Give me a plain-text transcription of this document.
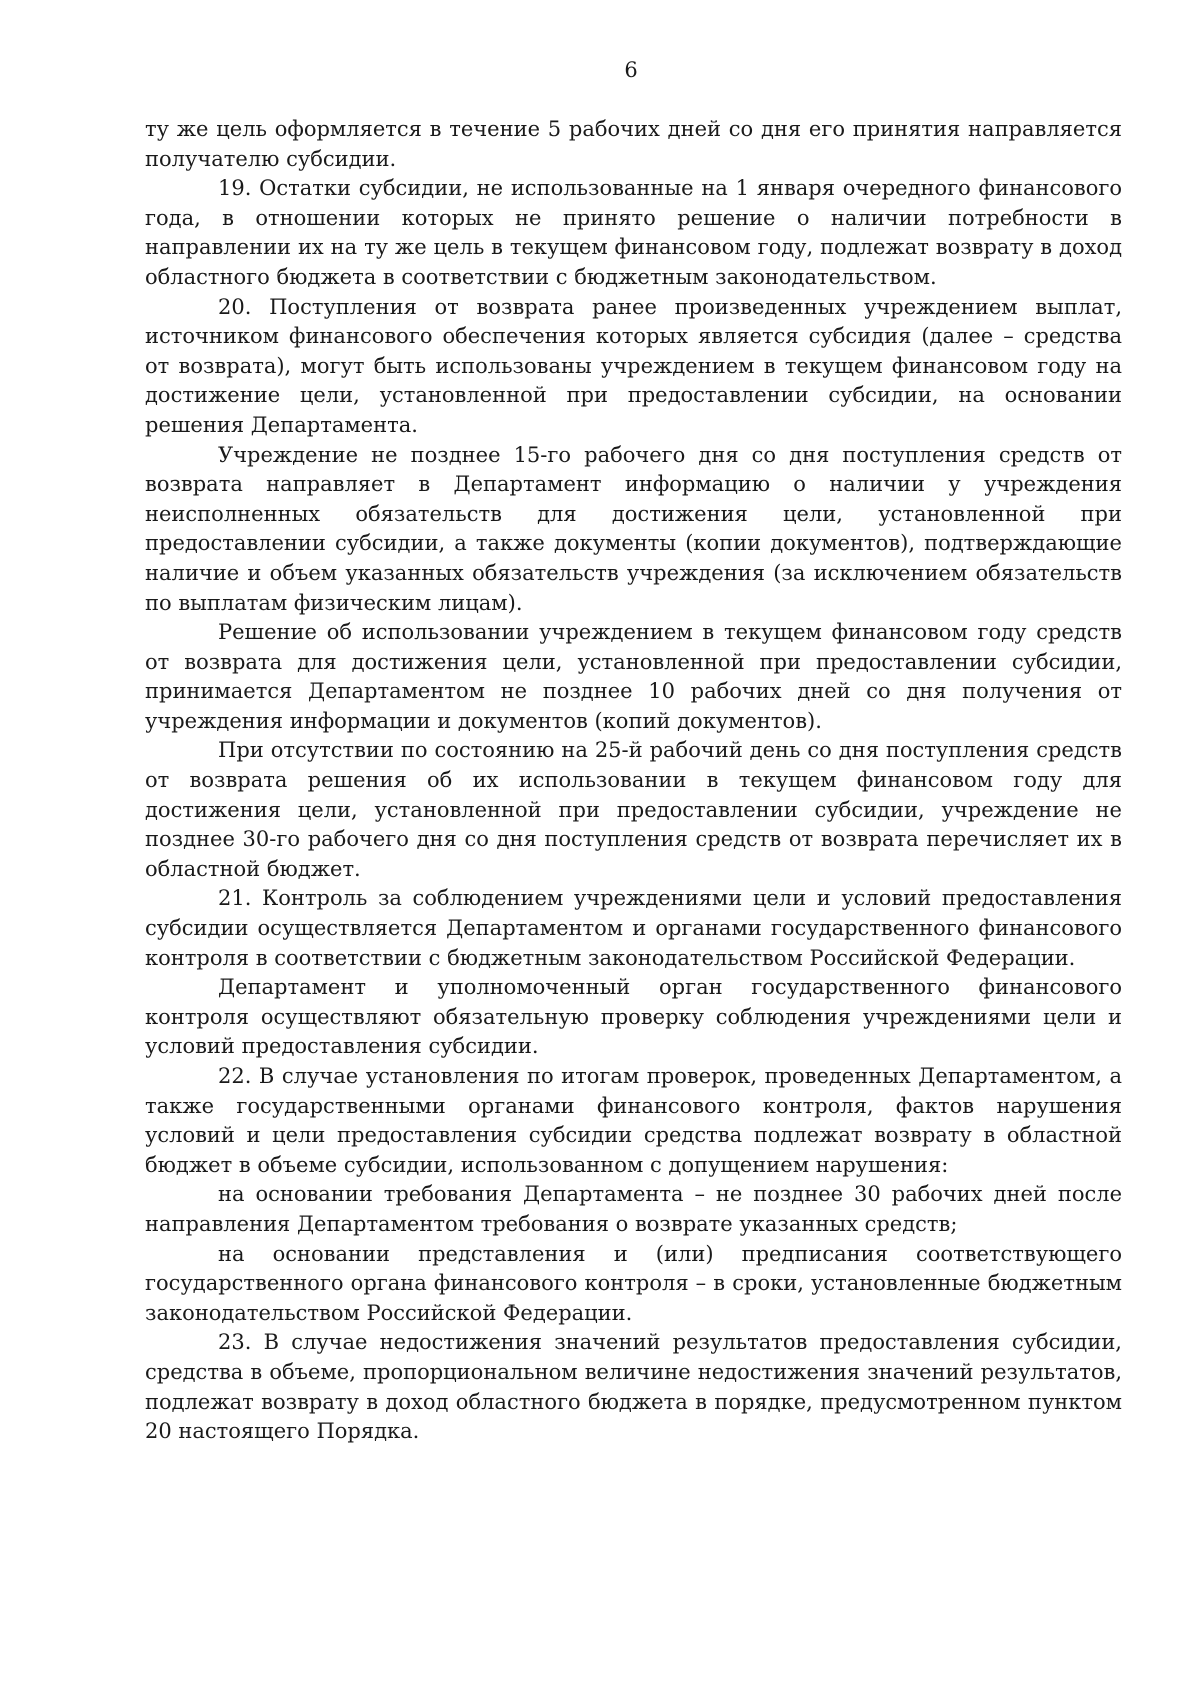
6

ту же цель оформляется в течение 5 рабочих дней со дня его принятия направляется получателю субсидии.

19. Остатки субсидии, не использованные на 1 января очередного финансового года, в отношении которых не принято решение о наличии потребности в направлении их на ту же цель в текущем финансовом году, подлежат возврату в доход областного бюджета в соответствии с бюджетным законодательством.

20. Поступления от возврата ранее произведенных учреждением выплат, источником финансового обеспечения которых является субсидия (далее – средства от возврата), могут быть использованы учреждением в текущем финансовом году на достижение цели, установленной при предоставлении субсидии, на основании решения Департамента.

Учреждение не позднее 15-го рабочего дня со дня поступления средств от возврата направляет в Департамент информацию о наличии у учреждения неисполненных обязательств для достижения цели, установленной при предоставлении субсидии, а также документы (копии документов), подтверждающие наличие и объем указанных обязательств учреждения (за исключением обязательств по выплатам физическим лицам).

Решение об использовании учреждением в текущем финансовом году средств от возврата для достижения цели, установленной при предоставлении субсидии, принимается Департаментом не позднее 10 рабочих дней со дня получения от учреждения информации и документов (копий документов).

При отсутствии по состоянию на 25-й рабочий день со дня поступления средств от возврата решения об их использовании в текущем финансовом году для достижения цели, установленной при предоставлении субсидии, учреждение не позднее 30-го рабочего дня со дня поступления средств от возврата перечисляет их в областной бюджет.

21. Контроль за соблюдением учреждениями цели и условий предоставления субсидии осуществляется Департаментом и органами государственного финансового контроля в соответствии с бюджетным законодательством Российской Федерации.

Департамент и уполномоченный орган государственного финансового контроля осуществляют обязательную проверку соблюдения учреждениями цели и условий предоставления субсидии.

22. В случае установления по итогам проверок, проведенных Департаментом, а также государственными органами финансового контроля, фактов нарушения условий и цели предоставления субсидии средства подлежат возврату в областной бюджет в объеме субсидии, использованном с допущением нарушения:

на основании требования Департамента – не позднее 30 рабочих дней после направления Департаментом требования о возврате указанных средств;

на основании представления и (или) предписания соответствующего государственного органа финансового контроля – в сроки, установленные бюджетным законодательством Российской Федерации.

23. В случае недостижения значений результатов предоставления субсидии, средства в объеме, пропорциональном величине недостижения значений результатов, подлежат возврату в доход областного бюджета в порядке, предусмотренном пунктом 20 настоящего Порядка.
